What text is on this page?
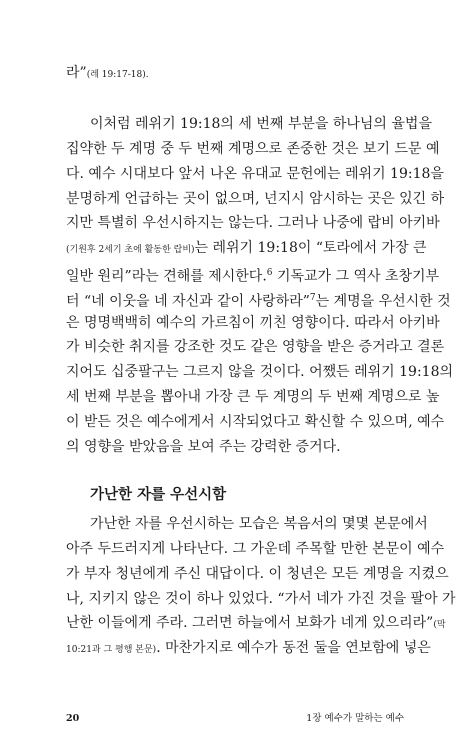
라”(레 19:17-18).
이처럼 레위기 19:18의 세 번째 부분을 하나님의 율법을
집약한 두 계명 중 두 번째 계명으로 존중한 것은 보기 드문 예
다. 예수 시대보다 앞서 나온 유대교 문헌에는 레위기 19:18을
분명하게 언급하는 곳이 없으며, 넌지시 암시하는 곳은 있긴 하
지만 특별히 우선시하지는 않는다. 그러나 나중에 랍비 아키바
(기원후 2세기 초에 활동한 랍비)는 레위기 19:18이 “토라에서 가장 큰
일반 원리”라는 견해를 제시한다.$^6$ 기독교가 그 역사 초창기부
터 “네 이웃을 네 자신과 같이 사랑하라”$^7$는 계명을 우선시한 것
은 명명백백히 예수의 가르침이 끼친 영향이다. 따라서 아키바
가 비슷한 취지를 강조한 것도 같은 영향을 받은 증거라고 결론
지어도 십중팔구는 그르지 않을 것이다. 어쨌든 레위기 19:18의
세 번째 부분을 뽑아내 가장 큰 두 계명의 두 번째 계명으로 높
이 받든 것은 예수에게서 시작되었다고 확신할 수 있으며, 예수
의 영향을 받았음을 보여 주는 강력한 증거다.
가난한 자를 우선시함
가난한 자를 우선시하는 모습은 복음서의 몇몇 본문에서
아주 두드러지게 나타난다. 그 가운데 주목할 만한 본문이 예수
가 부자 청년에게 주신 대답이다. 이 청년은 모든 계명을 지켰으
나, 지키지 않은 것이 하나 있었다. “가서 네가 가진 것을 팔아 가
난한 이들에게 주라. 그러면 하늘에서 보화가 네게 있으리라”(막
10:21과 그 평행 본문). 마찬가지로 예수가 동전 둘을 연보함에 넣은
20	1장 예수가 말하는 예수
